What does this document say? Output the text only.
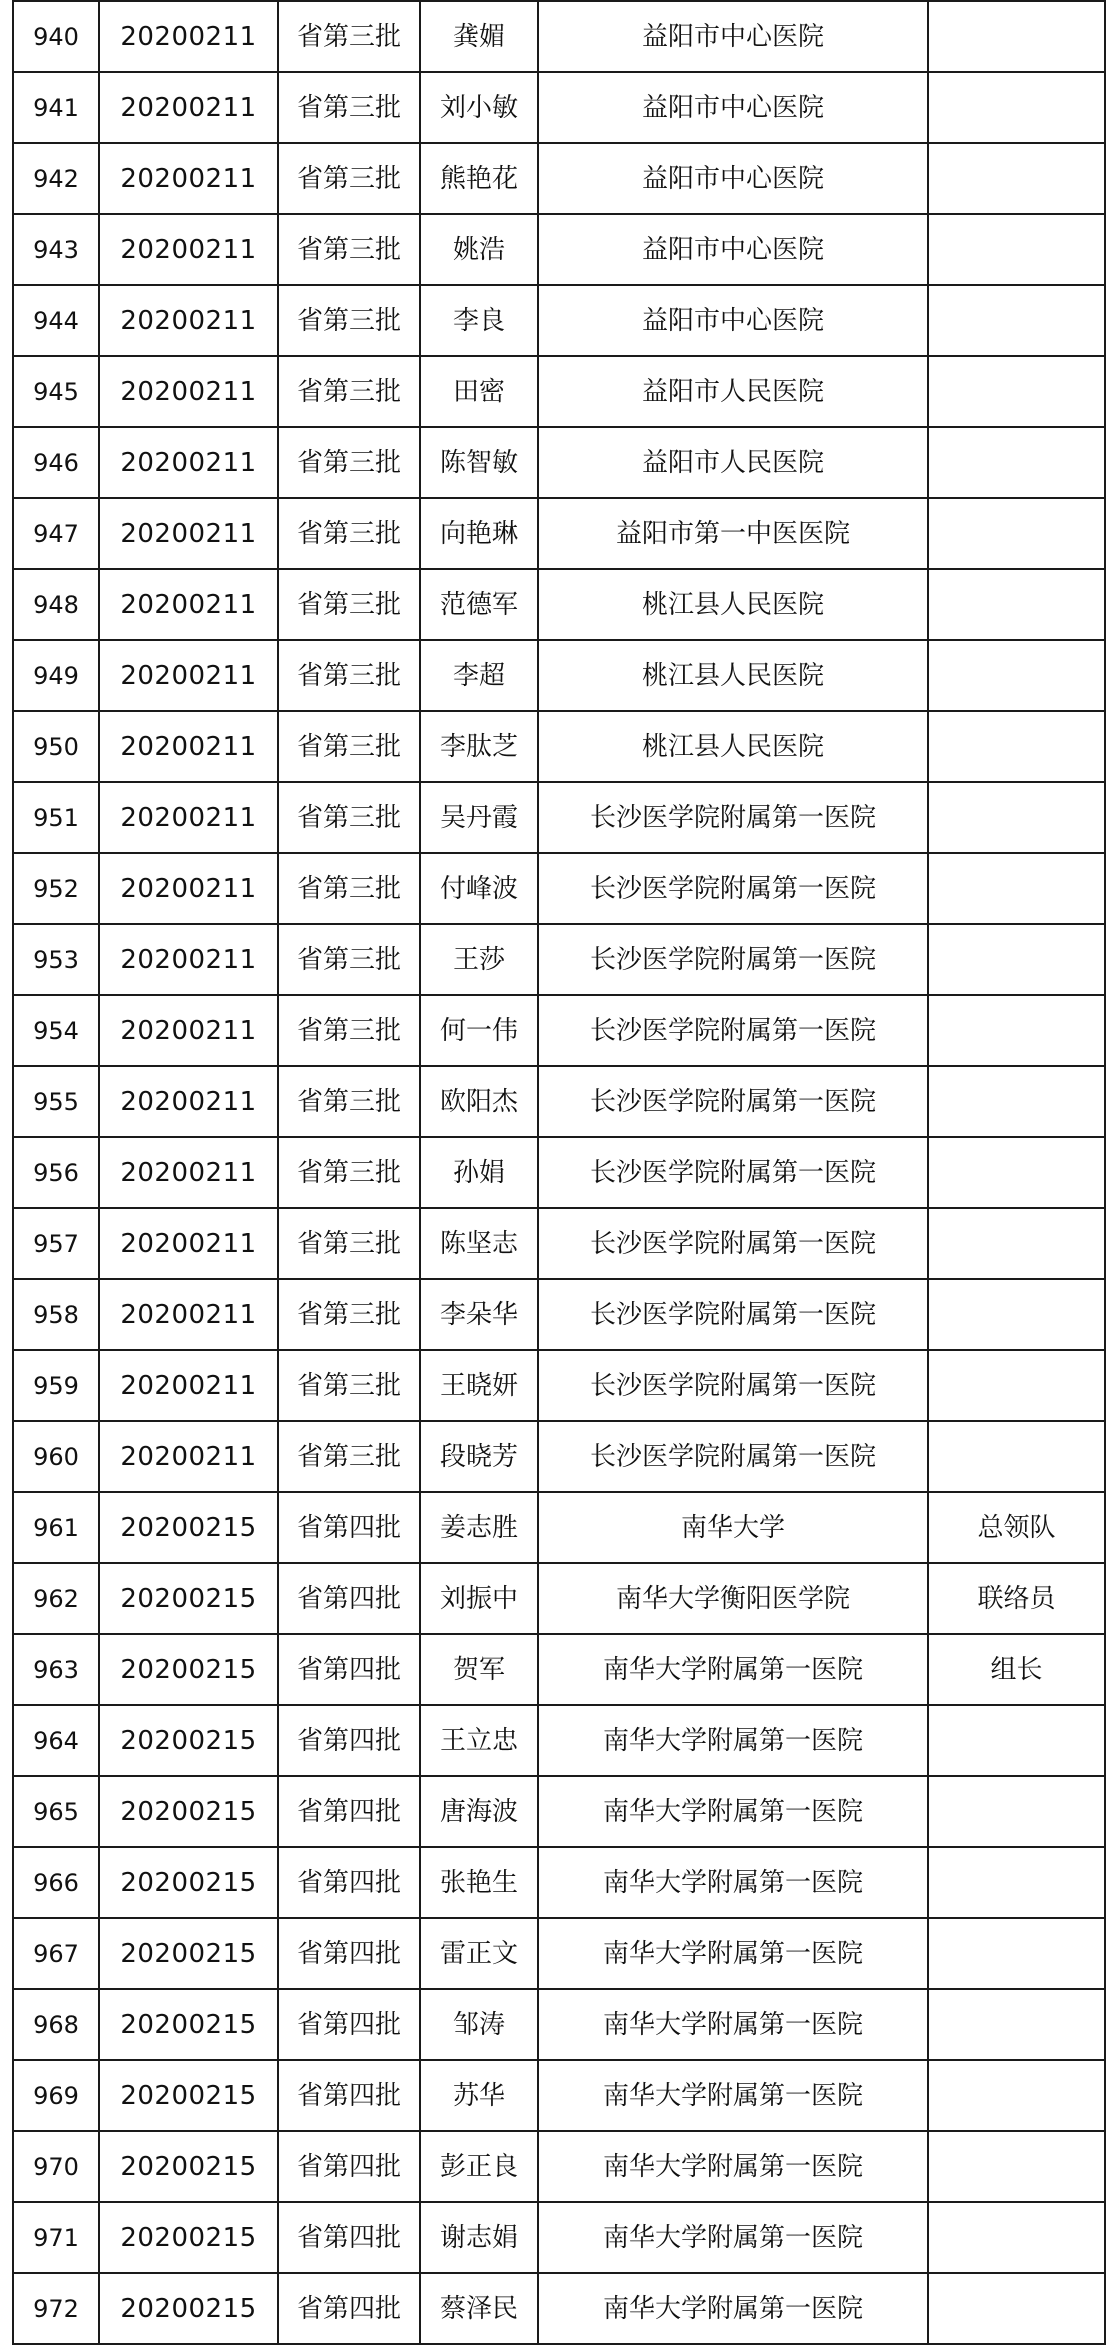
940	20200211	省第三批	龚媚	益阳市中心医院	
941	20200211	省第三批	刘小敏	益阳市中心医院	
942	20200211	省第三批	熊艳花	益阳市中心医院	
943	20200211	省第三批	姚浩	益阳市中心医院	
944	20200211	省第三批	李良	益阳市中心医院	
945	20200211	省第三批	田密	益阳市人民医院	
946	20200211	省第三批	陈智敏	益阳市人民医院	
947	20200211	省第三批	向艳琳	益阳市第一中医医院	
948	20200211	省第三批	范德军	桃江县人民医院	
949	20200211	省第三批	李超	桃江县人民医院	
950	20200211	省第三批	李肽芝	桃江县人民医院	
951	20200211	省第三批	吴丹霞	长沙医学院附属第一医院	
952	20200211	省第三批	付峰波	长沙医学院附属第一医院	
953	20200211	省第三批	王莎	长沙医学院附属第一医院	
954	20200211	省第三批	何一伟	长沙医学院附属第一医院	
955	20200211	省第三批	欧阳杰	长沙医学院附属第一医院	
956	20200211	省第三批	孙娟	长沙医学院附属第一医院	
957	20200211	省第三批	陈坚志	长沙医学院附属第一医院	
958	20200211	省第三批	李朵华	长沙医学院附属第一医院	
959	20200211	省第三批	王晓妍	长沙医学院附属第一医院	
960	20200211	省第三批	段晓芳	长沙医学院附属第一医院	
961	20200215	省第四批	姜志胜	南华大学	总领队
962	20200215	省第四批	刘振中	南华大学衡阳医学院	联络员
963	20200215	省第四批	贺军	南华大学附属第一医院	组长
964	20200215	省第四批	王立忠	南华大学附属第一医院	
965	20200215	省第四批	唐海波	南华大学附属第一医院	
966	20200215	省第四批	张艳生	南华大学附属第一医院	
967	20200215	省第四批	雷正文	南华大学附属第一医院	
968	20200215	省第四批	邹涛	南华大学附属第一医院	
969	20200215	省第四批	苏华	南华大学附属第一医院	
970	20200215	省第四批	彭正良	南华大学附属第一医院	
971	20200215	省第四批	谢志娟	南华大学附属第一医院	
972	20200215	省第四批	蔡泽民	南华大学附属第一医院	
